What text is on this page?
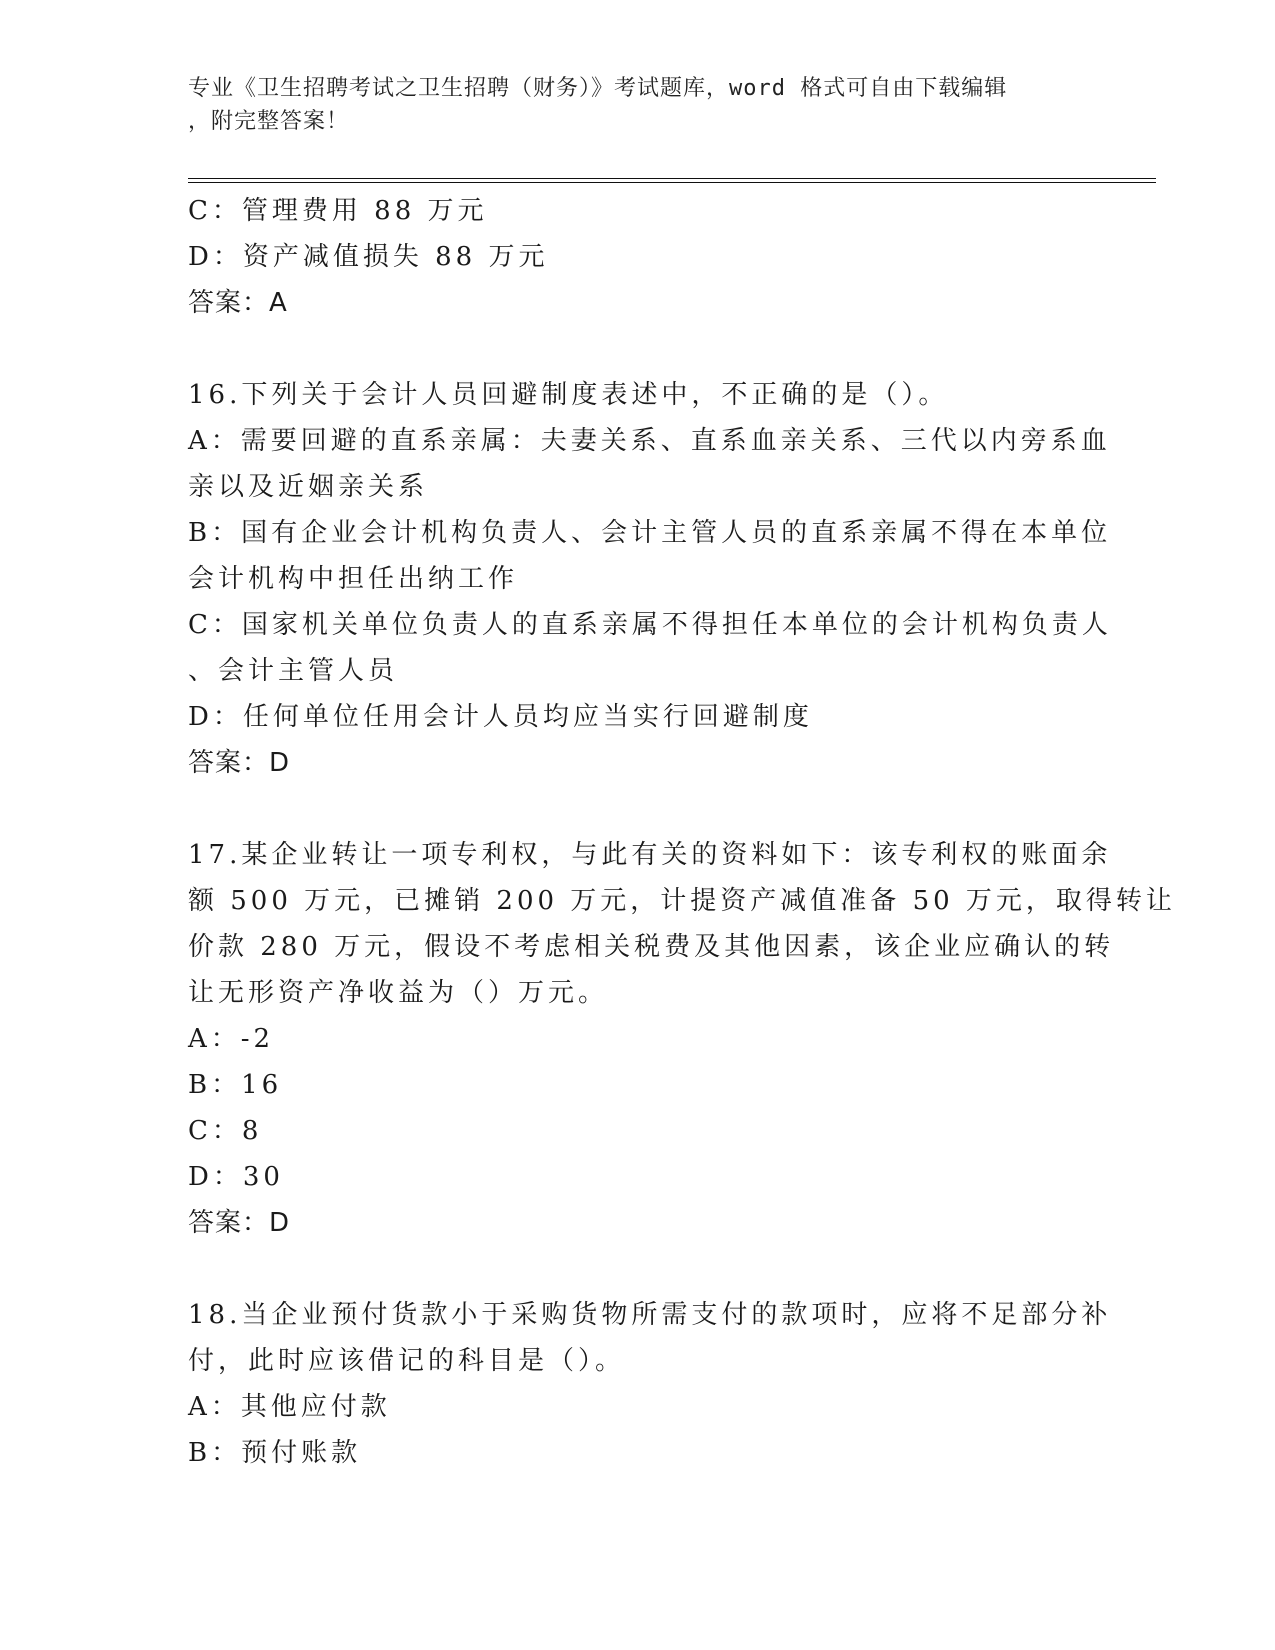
专业《卫生招聘考试之卫生招聘（财务）》考试题库，word 格式可自由下载编辑
，附完整答案！
C：管理费用 88 万元
D：资产减值损失 88 万元
答案：A
16.下列关于会计人员回避制度表述中，不正确的是（）。
A：需要回避的直系亲属：夫妻关系、直系血亲关系、三代以内旁系血
亲以及近姻亲关系
B：国有企业会计机构负责人、会计主管人员的直系亲属不得在本单位
会计机构中担任出纳工作
C：国家机关单位负责人的直系亲属不得担任本单位的会计机构负责人
、会计主管人员
D：任何单位任用会计人员均应当实行回避制度
答案：D
17.某企业转让一项专利权，与此有关的资料如下：该专利权的账面余
额 500 万元，已摊销 200 万元，计提资产减值准备 50 万元，取得转让
价款 280 万元，假设不考虑相关税费及其他因素，该企业应确认的转
让无形资产净收益为（）万元。
A：-2
B：16
C：8
D：30
答案：D
18.当企业预付货款小于采购货物所需支付的款项时，应将不足部分补
付，此时应该借记的科目是（）。
A：其他应付款
B：预付账款
